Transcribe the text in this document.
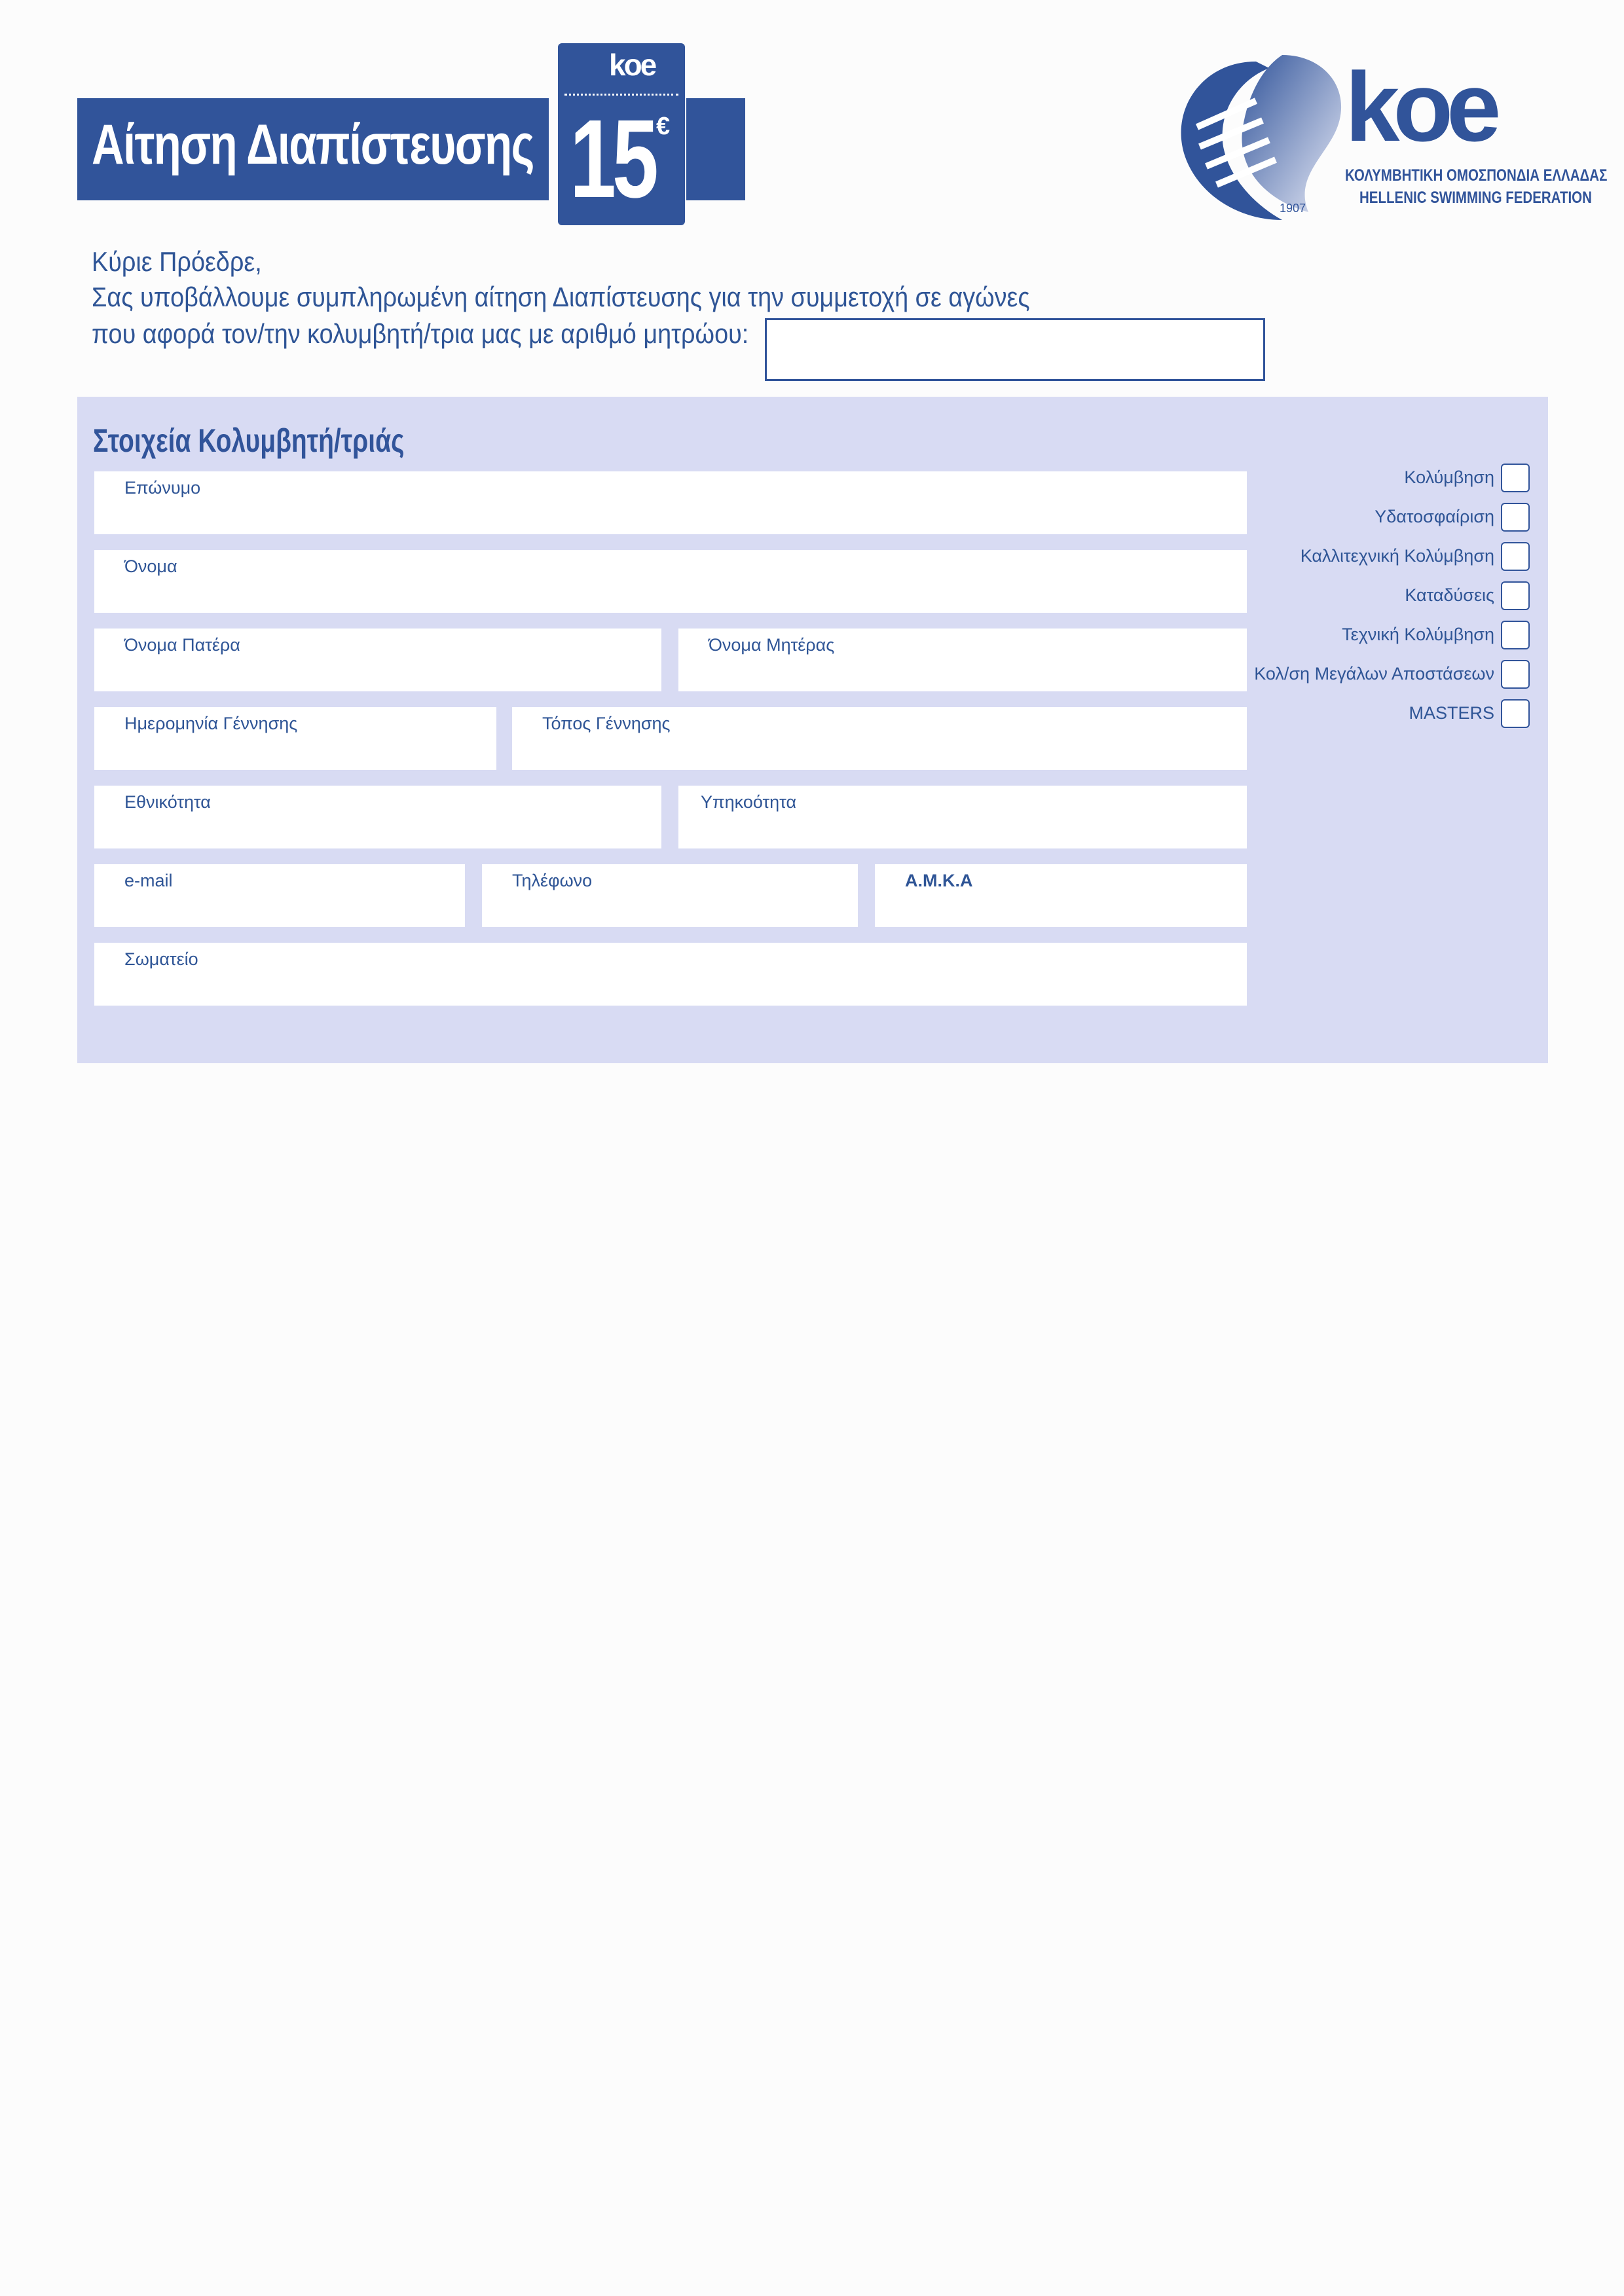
Αίτηση Διαπίστευσης
koe
15 €	koe
ΚΟΛΥΜΒΗΤΙΚΗ ΟΜΟΣΠΟΝΔΙΑ ΕΛΛΑΔΑΣ
HELLENIC SWIMMING FEDERATION
1907
Κύριε Πρόεδρε,
Σας υποβάλλουμε συμπληρωμένη αίτηση Διαπίστευσης για την συμμετοχή σε αγώνες
που αφορά τον/την κολυμβητή/τρια μας με αριθμό μητρώου:
Στοιχεία Κολυμβητή/τριάς
Επώνυμο
Όνομα
Όνομα Πατέρα	Όνομα Μητέρας
Ημερομηνία Γέννησης	Τόπος Γέννησης
Εθνικότητα	Υπηκοότητα
e-mail	Τηλέφωνο	Α.Μ.Κ.Α
Σωματείο
Κολύμβηση
Υδατοσφαίριση
Καλλιτεχνική Κολύμβηση
Καταδύσεις
Τεχνική Κολύμβηση
Κολ/ση Μεγάλων Αποστάσεων
MASTERS
